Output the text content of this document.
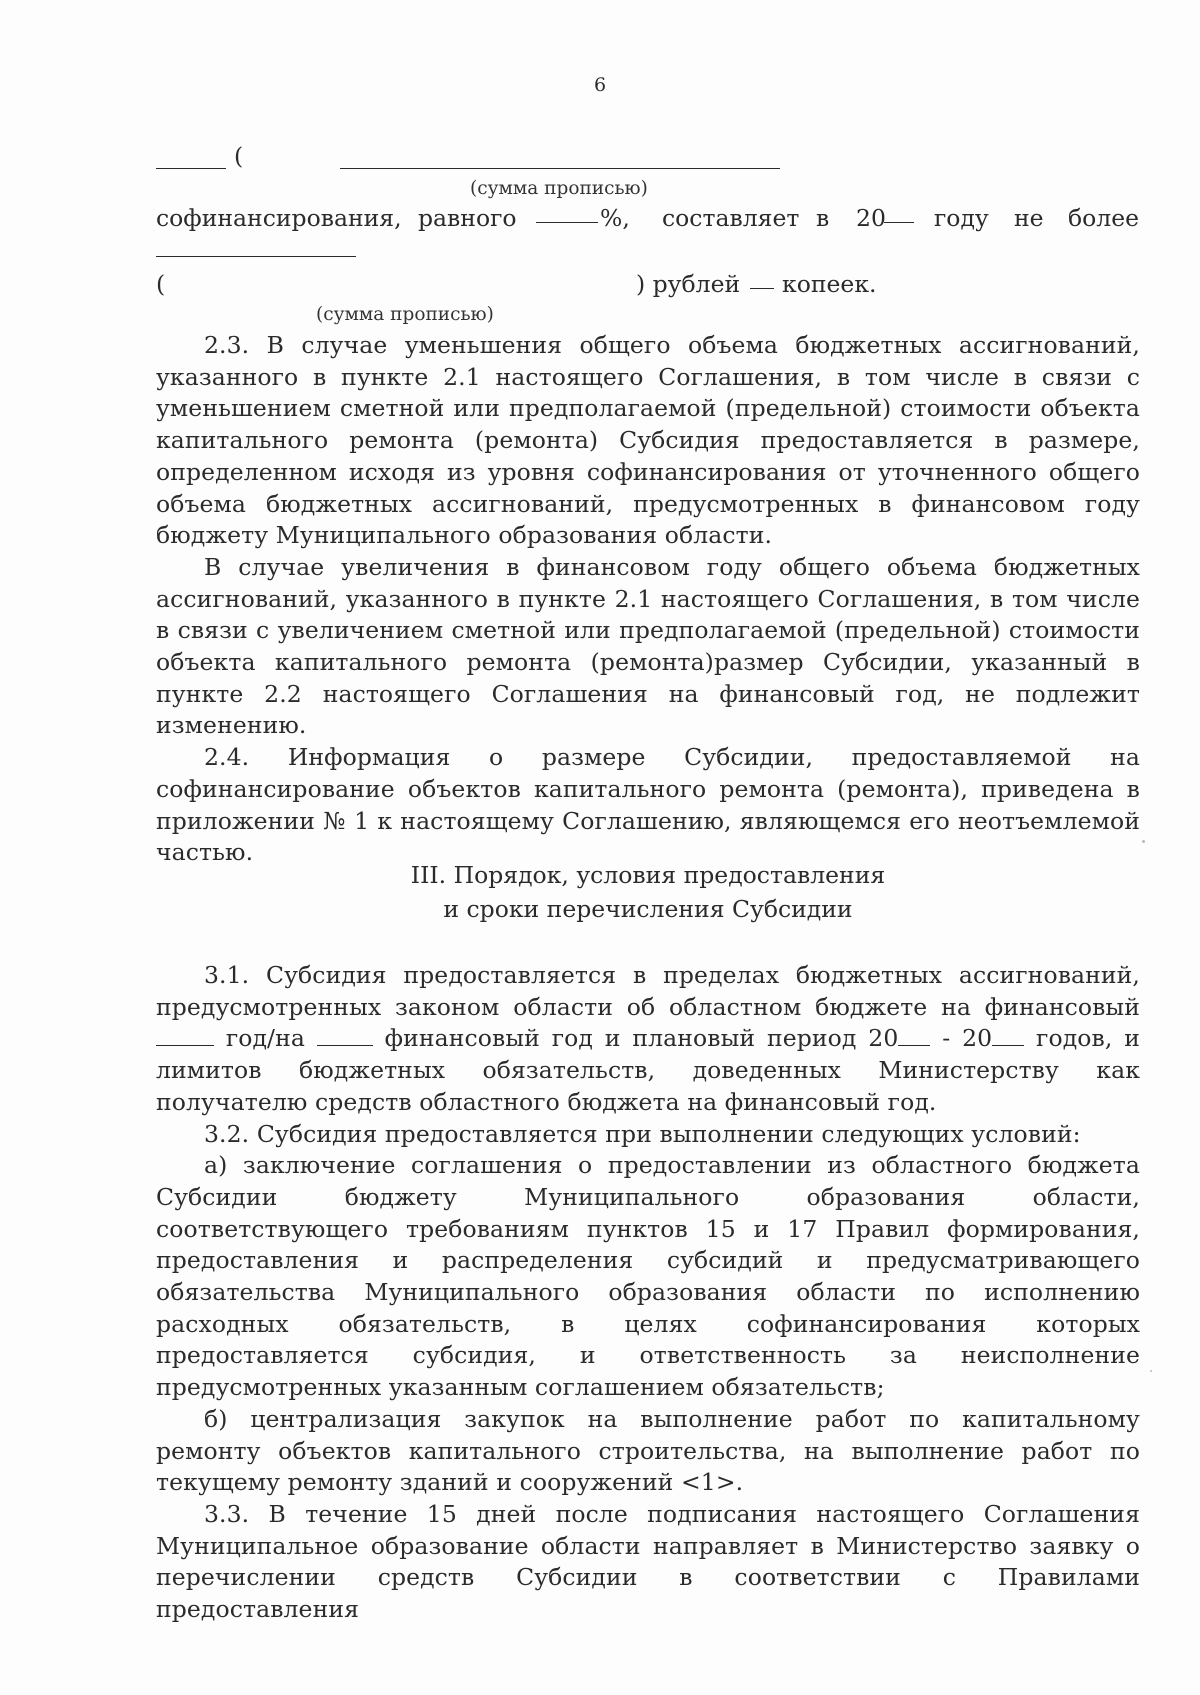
6
(
(сумма прописью)
софинансирования, равного	%, составляет в 20 году не более
(	) рублей копеек.
(сумма прописью)

2.3. В случае уменьшения общего объема бюджетных ассигнований, указанного в пункте 2.1 настоящего Соглашения, в том числе в связи с уменьшением сметной или предполагаемой (предельной) стоимости объекта капитального ремонта (ремонта) Субсидия предоставляется в размере, определенном исходя из уровня софинансирования от уточненного общего объема бюджетных ассигнований, предусмотренных в финансовом году бюджету Муниципального образования области.

В случае увеличения в финансовом году общего объема бюджетных ассигнований, указанного в пункте 2.1 настоящего Соглашения, в том числе в связи с увеличением сметной или предполагаемой (предельной) стоимости объекта капитального ремонта (ремонта)размер Субсидии, указанный в пункте 2.2 настоящего Соглашения на финансовый год, не подлежит изменению.

2.4. Информация о размере Субсидии, предоставляемой на софинансирование объектов капитального ремонта (ремонта), приведена в приложении № 1 к настоящему Соглашению, являющемся его неотъемлемой частью.

III. Порядок, условия предоставления
и сроки перечисления Субсидии

3.1. Субсидия предоставляется в пределах бюджетных ассигнований, предусмотренных законом области об областном бюджете на финансовый  год/на	финансовый год и плановый период 20 - 20 годов, и лимитов бюджетных обязательств, доведенных Министерству как получателю средств областного бюджета на финансовый год.

3.2. Субсидия предоставляется при выполнении следующих условий:

а) заключение соглашения о предоставлении из областного бюджета Субсидии бюджету Муниципального образования области, соответствующего требованиям пунктов 15 и 17 Правил формирования, предоставления и распределения субсидий и предусматривающего обязательства Муниципального образования области по исполнению расходных обязательств, в целях софинансирования которых предоставляется субсидия, и ответственность за неисполнение предусмотренных указанным соглашением обязательств;

б) централизация закупок на выполнение работ по капитальному ремонту объектов капитального строительства, на выполнение работ по текущему ремонту зданий и сооружений <1>.

3.3. В течение 15 дней после подписания настоящего Соглашения Муниципальное образование области направляет в Министерство заявку о перечислении средств Субсидии в соответствии с Правилами предоставления
